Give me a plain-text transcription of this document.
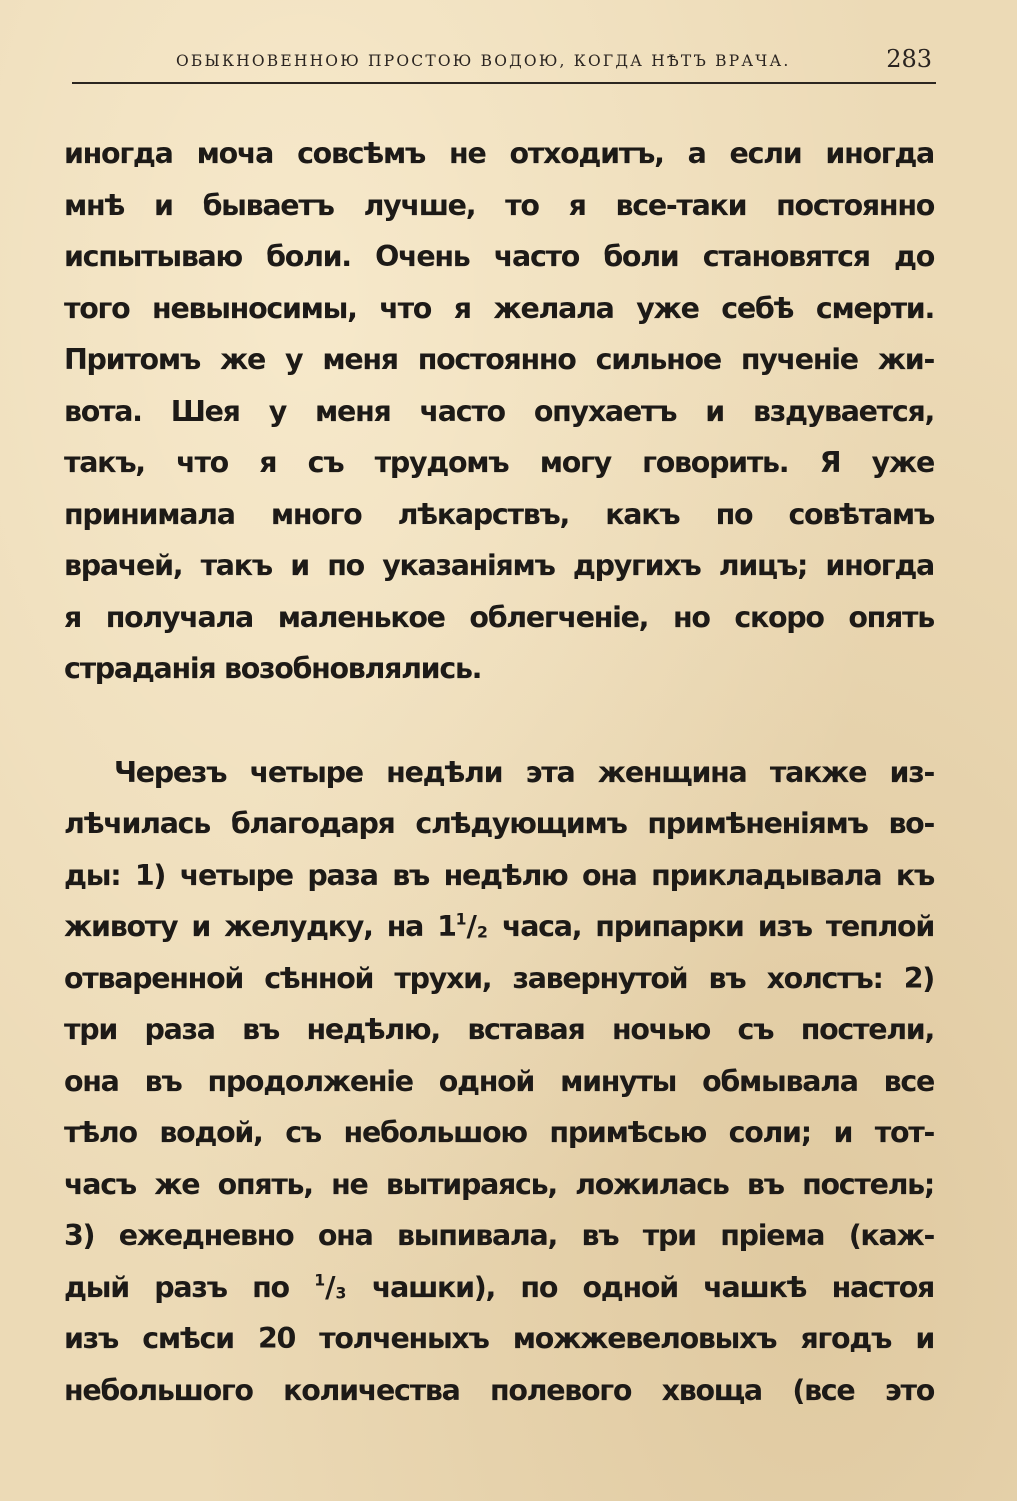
ОБЫКНОВЕННОЮ ПРОСТОЮ ВОДОЮ, КОГДА НѢТЪ ВРАЧА.	283
иногда моча совсѣмъ не отходитъ, а если иногда
мнѣ и бываетъ лучше, то я все-таки постоянно
испытываю боли. Очень часто боли становятся до
того невыносимы, что я желала уже себѣ смерти.
Притомъ же у меня постоянно сильное пученіе жи-
вота. Шея у меня часто опухаетъ и вздувается,
такъ, что я съ трудомъ могу говорить. Я уже
принимала много лѣкарствъ, какъ по совѣтамъ
врачей, такъ и по указаніямъ другихъ лицъ; иногда
я получала маленькое облегченіе, но скоро опять
страданія возобновлялись.
Черезъ четыре недѣли эта женщина также из-
лѣчилась благодаря слѣдующимъ примѣненіямъ во-
ды: 1) четыре раза въ недѣлю она прикладывала къ
животу и желудку, на $1^1/_2$ часа, припарки изъ теплой
отваренной сѣнной трухи, завернутой въ холстъ: 2)
три раза въ недѣлю, вставая ночью съ постели,
она въ продолженіе одной минуты обмывала все
тѣло водой, съ небольшою примѣсью соли; и тот-
часъ же опять, не вытираясь, ложилась въ постель;
3) ежедневно она выпивала, въ три пріема (каж-
дый разъ по $^1/_3$ чашки), по одной чашкѣ настоя
изъ смѣси 20 толченыхъ можжевеловыхъ ягодъ и
небольшого количества полевого хвоща (все это
